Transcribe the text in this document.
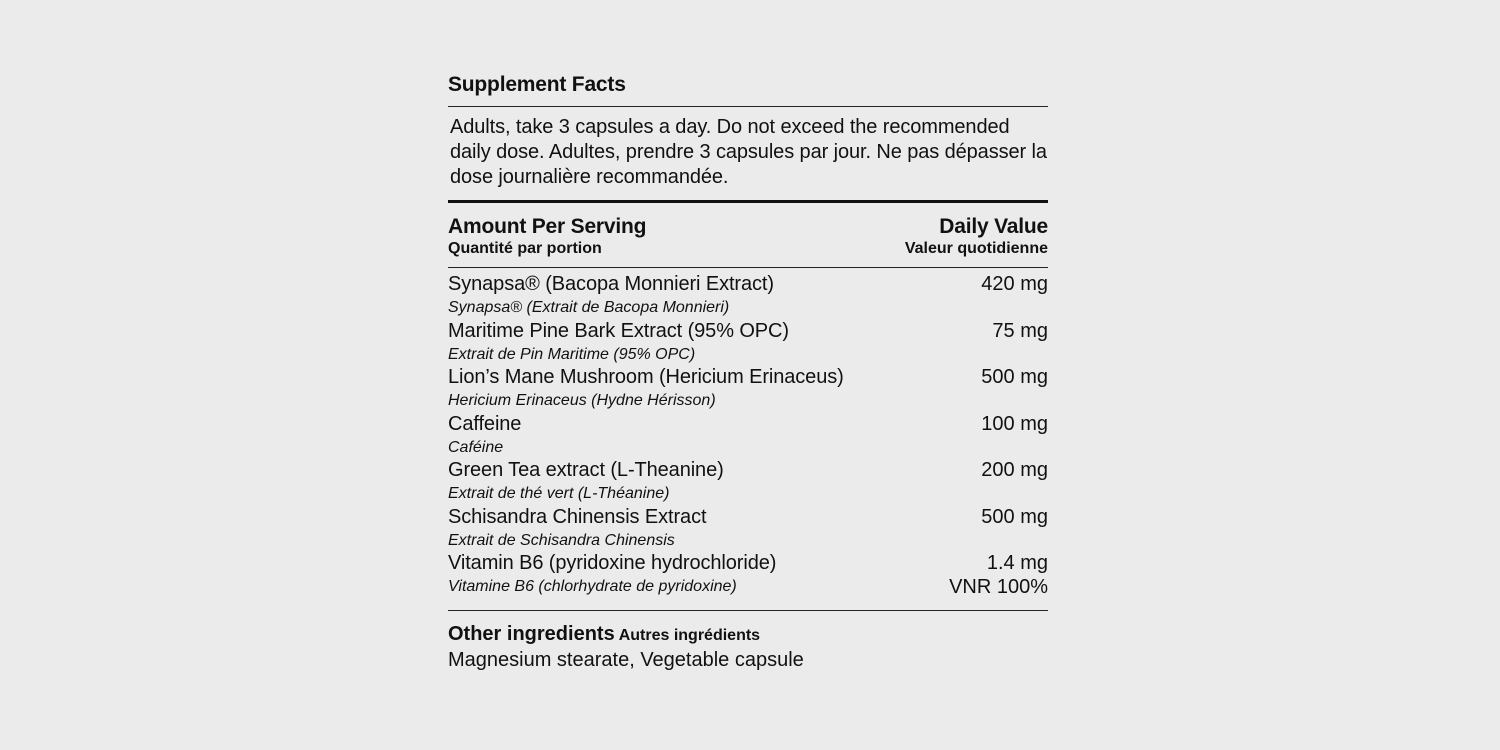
Supplement Facts
Adults, take 3 capsules a day. Do not exceed the recommended daily dose. Adultes, prendre 3 capsules par jour. Ne pas dépasser la dose journalière recommandée.
Amount Per Serving
Quantité par portion
Daily Value
Valeur quotidienne
Synapsa® (Bacopa Monnieri Extract)
Synapsa® (Extrait de Bacopa Monnieri)
420 mg
Maritime Pine Bark Extract (95% OPC)
Extrait de Pin Maritime (95% OPC)
75 mg
Lion’s Mane Mushroom (Hericium Erinaceus)
Hericium Erinaceus (Hydne Hérisson)
500 mg
Caffeine
Caféine
100 mg
Green Tea extract (L-Theanine)
Extrait de thé vert (L-Théanine)
200 mg
Schisandra Chinensis Extract
Extrait de Schisandra Chinensis
500 mg
Vitamin B6 (pyridoxine hydrochloride)
Vitamine B6 (chlorhydrate de pyridoxine)
1.4 mg
VNR 100%
Other ingredients Autres ingrédients
Magnesium stearate, Vegetable capsule
